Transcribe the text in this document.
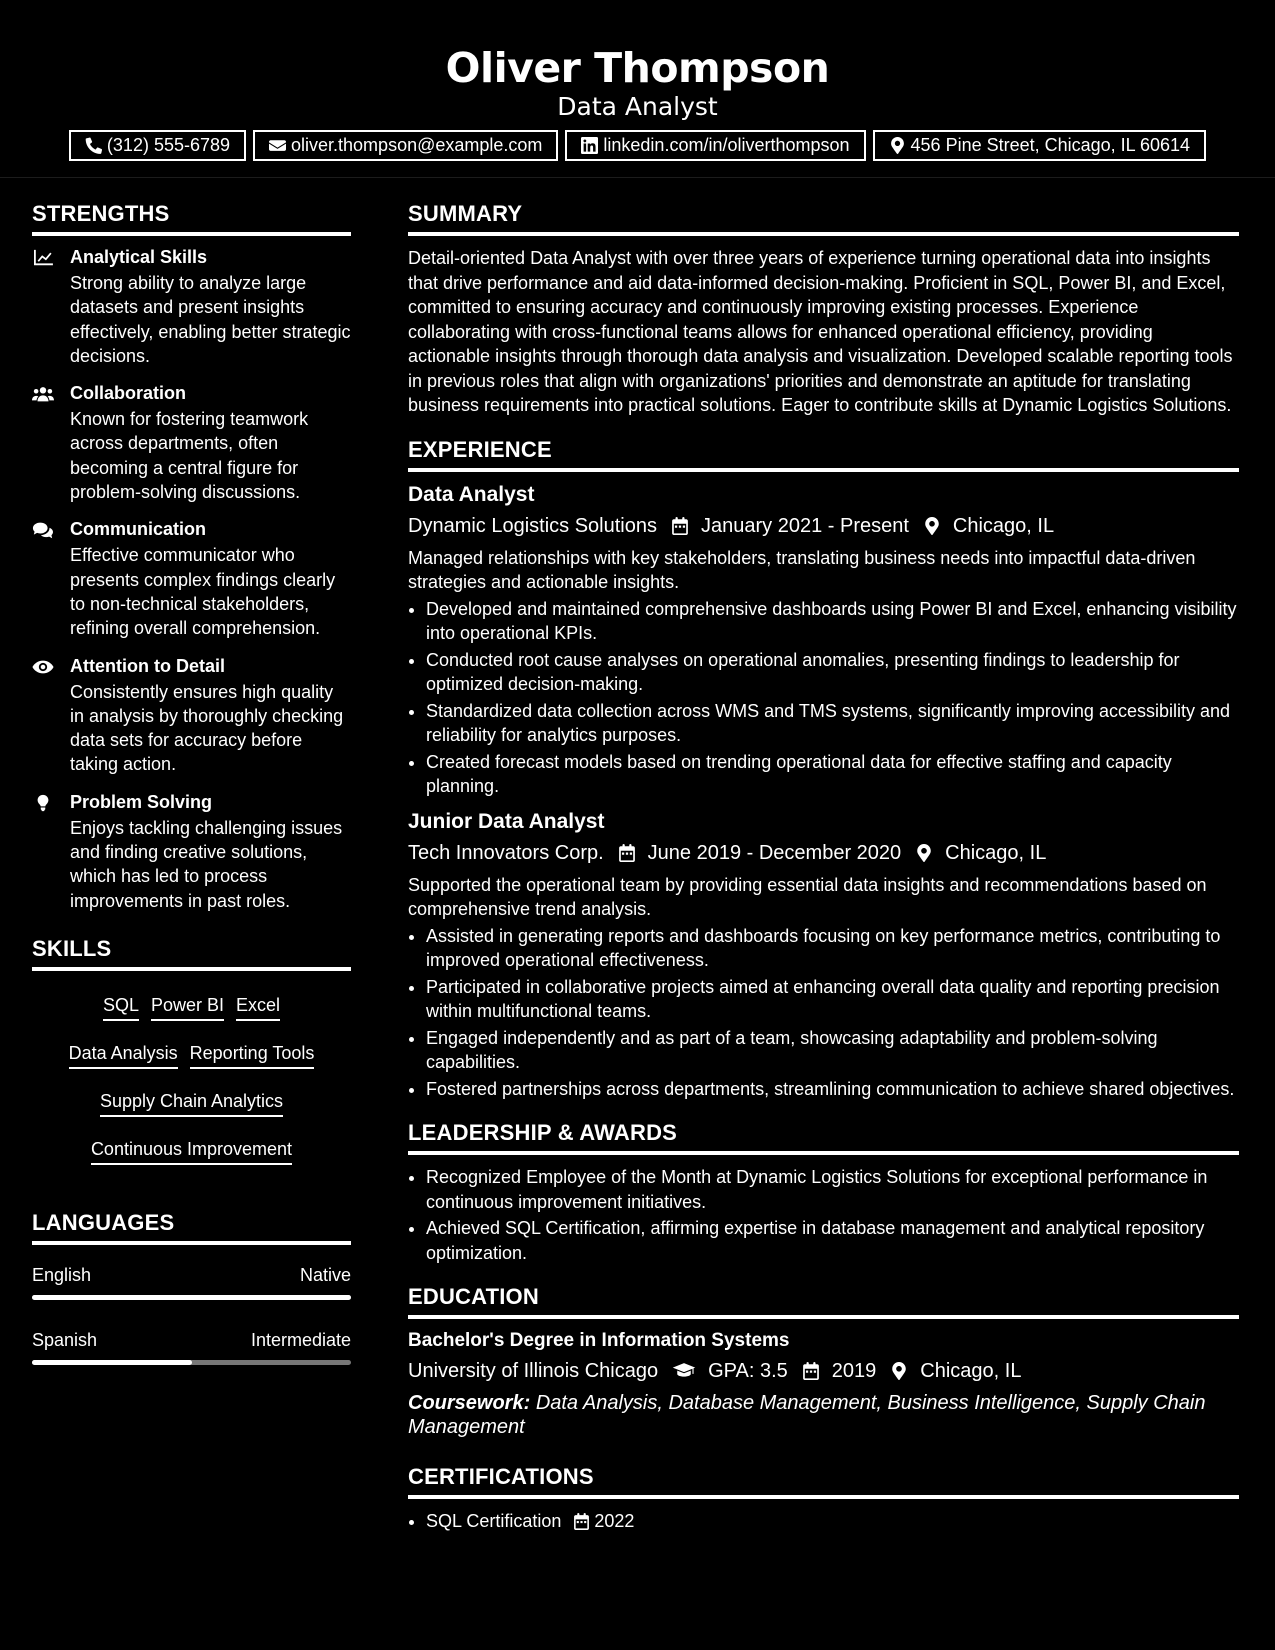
Oliver Thompson
Data Analyst
(312) 555-6789	oliver.thompson@example.com	linkedin.com/in/oliverthompson	456 Pine Street, Chicago, IL 60614
STRENGTHS
Analytical Skills

Strong ability to analyze large datasets and present insights effectively, enabling better strategic decisions.

Collaboration

Known for fostering teamwork across departments, often becoming a central figure for problem-solving discussions.

Communication

Effective communicator who presents complex findings clearly to non-technical stakeholders, refining overall comprehension.

Attention to Detail

Consistently ensures high quality in analysis by thoroughly checking data sets for accuracy before taking action.

Problem Solving

Enjoys tackling challenging issues and finding creative solutions, which has led to process improvements in past roles.

SKILLS
SQL Power BI Excel
Data Analysis Reporting Tools
Supply Chain Analytics
Continuous Improvement
LANGUAGES
English	Native
Spanish	Intermediate
SUMMARY

Detail-oriented Data Analyst with over three years of experience turning operational data into insights that drive performance and aid data-informed decision-making. Proficient in SQL, Power BI, and Excel, committed to ensuring accuracy and continuously improving existing processes. Experience collaborating with cross-functional teams allows for enhanced operational efficiency, providing actionable insights through thorough data analysis and visualization. Developed scalable reporting tools in previous roles that align with organizations' priorities and demonstrate an aptitude for translating business requirements into practical solutions. Eager to contribute skills at Dynamic Logistics Solutions.

EXPERIENCE
Data Analyst
Dynamic Logistics Solutions January 2021 - Present Chicago, IL

Managed relationships with key stakeholders, translating business needs into impactful data-driven strategies and actionable insights.

• Developed and maintained comprehensive dashboards using Power BI and Excel, enhancing visibility into operational KPIs.
• Conducted root cause analyses on operational anomalies, presenting findings to leadership for optimized decision-making.
• Standardized data collection across WMS and TMS systems, significantly improving accessibility and reliability for analytics purposes.
• Created forecast models based on trending operational data for effective staffing and capacity planning.
Junior Data Analyst
Tech Innovators Corp. June 2019 - December 2020 Chicago, IL

Supported the operational team by providing essential data insights and recommendations based on comprehensive trend analysis.

• Assisted in generating reports and dashboards focusing on key performance metrics, contributing to improved operational effectiveness.
• Participated in collaborative projects aimed at enhancing overall data quality and reporting precision within multifunctional teams.
• Engaged independently and as part of a team, showcasing adaptability and problem-solving capabilities.
• Fostered partnerships across departments, streamlining communication to achieve shared objectives.
LEADERSHIP & AWARDS
• Recognized Employee of the Month at Dynamic Logistics Solutions for exceptional performance in continuous improvement initiatives.
• Achieved SQL Certification, affirming expertise in database management and analytical repository optimization.
EDUCATION
Bachelor's Degree in Information Systems
University of Illinois Chicago	GPA: 3.5 2019 Chicago, IL
Coursework: Data Analysis, Database Management, Business Intelligence, Supply Chain Management
CERTIFICATIONS
• SQL Certification 2022
